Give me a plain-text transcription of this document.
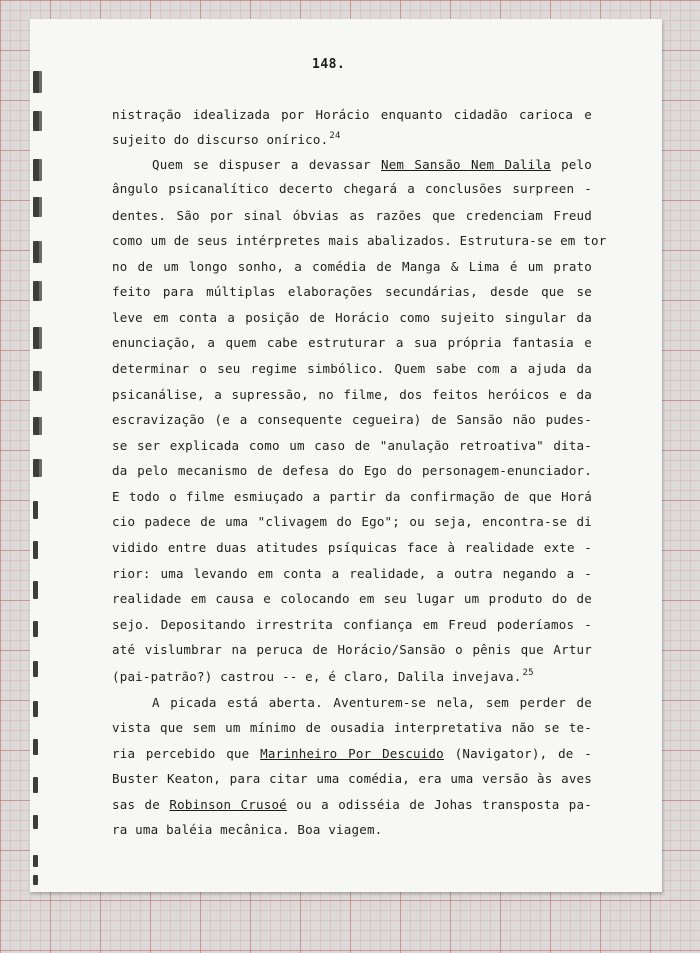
148.
nistração idealizada por Horácio enquanto cidadão carioca e
sujeito do discurso onírico.$^{24}$
Quem se dispuser a devassar Nem Sansão Nem Dalila pelo
ângulo psicanalítico decerto chegará a conclusões surpreen -
dentes. São por sinal óbvias as razões que credenciam Freud
como um de seus intérpretes mais abalizados. Estrutura-se em tor
no de um longo sonho, a comédia de Manga & Lima é um prato
feito para múltiplas elaborações secundárias, desde que se
leve em conta a posição de Horácio como sujeito singular da
enunciação, a quem cabe estruturar a sua própria fantasia e
determinar o seu regime simbólico. Quem sabe com a ajuda da
psicanálise, a supressão, no filme, dos feitos heróicos e da
escravização (e a consequente cegueira) de Sansão não pudes-
se ser explicada como um caso de "anulação retroativa" dita-
da pelo mecanismo de defesa do Ego do personagem-enunciador.
E todo o filme esmiuçado a partir da confirmação de que Horá
cio padece de uma "clivagem do Ego"; ou seja, encontra-se di
vidido entre duas atitudes psíquicas face à realidade exte -
rior: uma levando em conta a realidade, a outra negando a -
realidade em causa e colocando em seu lugar um produto do de
sejo. Depositando irrestrita confiança em Freud poderíamos -
até vislumbrar na peruca de Horácio/Sansão o pênis que Artur
(pai-patrão?) castrou -- e, é claro, Dalila invejava.$^{25}$
A picada está aberta. Aventurem-se nela, sem perder de
vista que sem um mínimo de ousadia interpretativa não se te-
ria percebido que Marinheiro Por Descuido (Navigator), de -
Buster Keaton, para citar uma comédia, era uma versão às aves
sas de Robinson Crusoé ou a odisséia de Johas transposta pa-
ra uma baléia mecânica. Boa viagem.
